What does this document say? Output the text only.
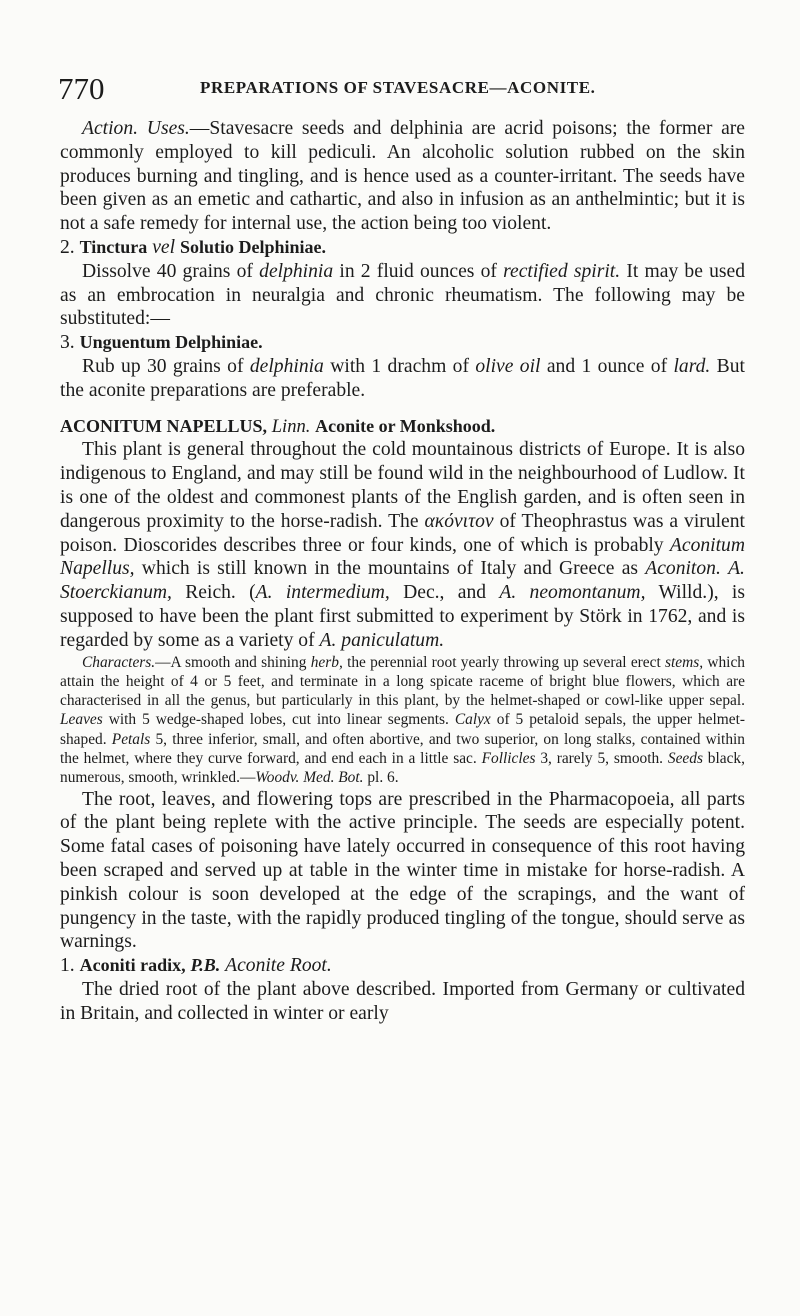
770	PREPARATIONS OF STAVESACRE—ACONITE.

Action. Uses.—Stavesacre seeds and delphinia are acrid poisons; the former are commonly employed to kill pediculi. An alcoholic solution rubbed on the skin produces burning and tingling, and is hence used as a counter-irritant. The seeds have been given as an emetic and cathartic, and also in infusion as an anthelmintic; but it is not a safe remedy for internal use, the action being too violent.

2. Tinctura vel Solutio Delphiniae.

Dissolve 40 grains of delphinia in 2 fluid ounces of rectified spirit. It may be used as an embrocation in neuralgia and chronic rheumatism. The following may be substituted:—

3. Unguentum Delphiniae.

Rub up 30 grains of delphinia with 1 drachm of olive oil and 1 ounce of lard. But the aconite preparations are preferable.

ACONITUM NAPELLUS, Linn. Aconite or Monkshood.

This plant is general throughout the cold mountainous districts of Europe. It is also indigenous to England, and may still be found wild in the neighbourhood of Ludlow. It is one of the oldest and commonest plants of the English garden, and is often seen in dangerous proximity to the horse-radish. The ακόνιτον of Theophrastus was a virulent poison. Dioscorides describes three or four kinds, one of which is probably Aconitum Napellus, which is still known in the mountains of Italy and Greece as Aconiton. A. Stoerckianum, Reich. (A. intermedium, Dec., and A. neomontanum, Willd.), is supposed to have been the plant first submitted to experiment by Störk in 1762, and is regarded by some as a variety of A. paniculatum.

Characters.—A smooth and shining herb, the perennial root yearly throwing up several erect stems, which attain the height of 4 or 5 feet, and terminate in a long spicate raceme of bright blue flowers, which are characterised in all the genus, but particularly in this plant, by the helmet-shaped or cowl-like upper sepal. Leaves with 5 wedge-shaped lobes, cut into linear segments. Calyx of 5 petaloid sepals, the upper helmet-shaped. Petals 5, three inferior, small, and often abortive, and two superior, on long stalks, contained within the helmet, where they curve forward, and end each in a little sac. Follicles 3, rarely 5, smooth. Seeds black, numerous, smooth, wrinkled.—Woodv. Med. Bot. pl. 6.

The root, leaves, and flowering tops are prescribed in the Pharmacopoeia, all parts of the plant being replete with the active principle. The seeds are especially potent. Some fatal cases of poisoning have lately occurred in consequence of this root having been scraped and served up at table in the winter time in mistake for horse-radish. A pinkish colour is soon developed at the edge of the scrapings, and the want of pungency in the taste, with the rapidly produced tingling of the tongue, should serve as warnings.

1. Aconiti radix, P.B. Aconite Root.

The dried root of the plant above described. Imported from Germany or cultivated in Britain, and collected in winter or early
